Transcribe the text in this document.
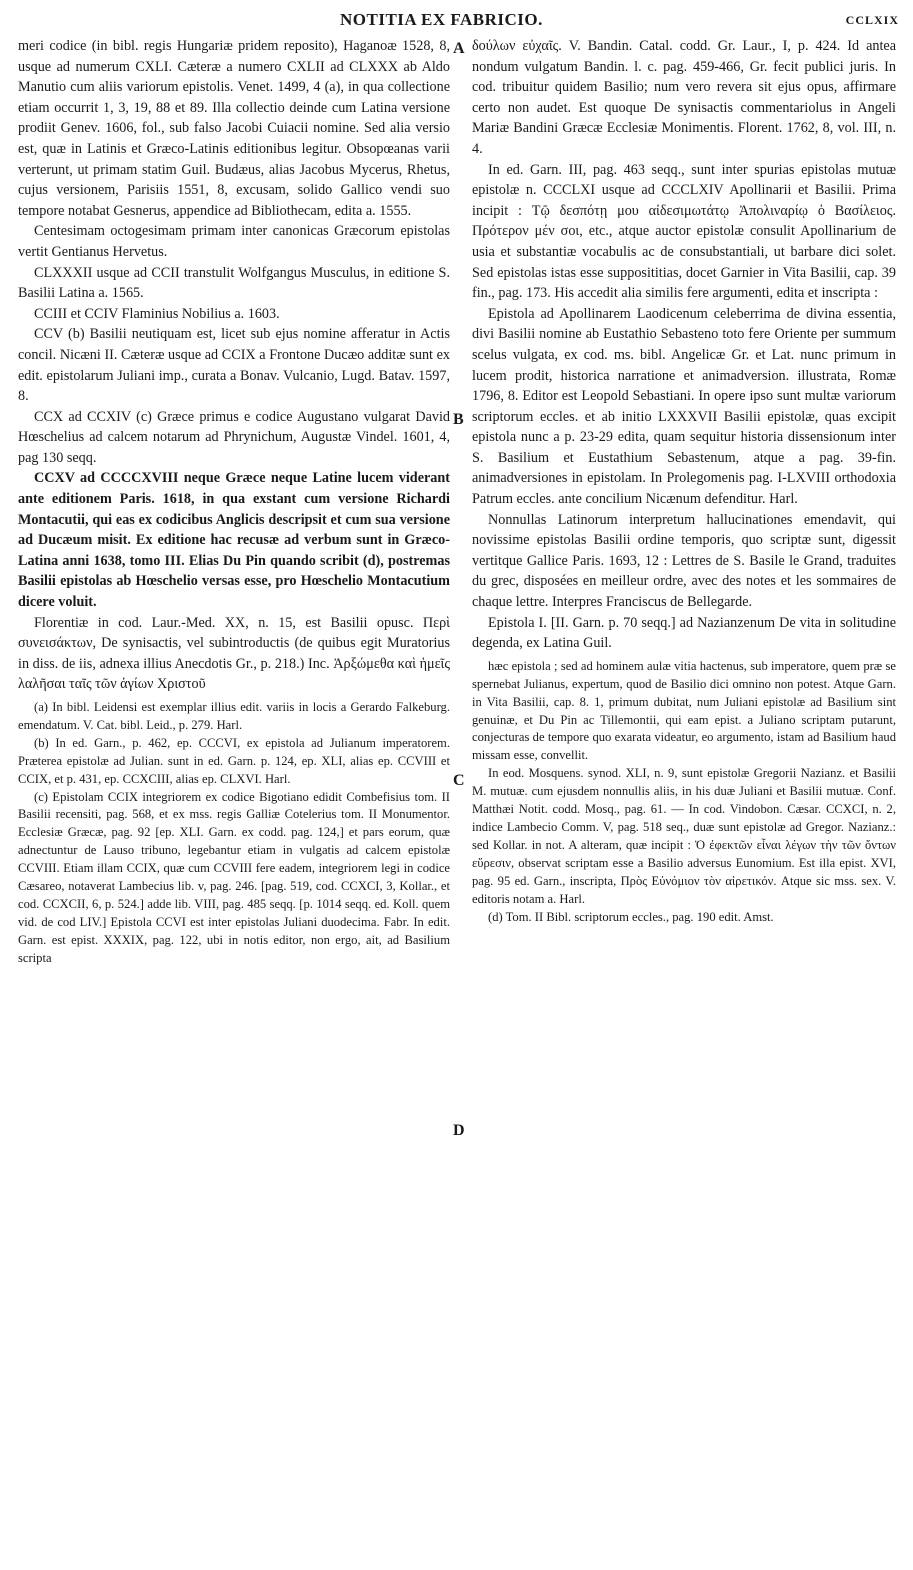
NOTITIA EX FABRICIO.	CCLXIX
A
B
C
D

meri codice (in bibl. regis Hungariæ pridem reposito), Haganoæ 1528, 8, usque ad numerum CXLI. Cæteræ a numero CXLII ad CLXXX ab Aldo Manutio cum aliis variorum epistolis. Venet. 1499, 4 (a), in qua collectione etiam occurrit 1, 3, 19, 88 et 89. Illa collectio deinde cum Latina versione prodiit Genev. 1606, fol., sub falso Jacobi Cuiacii nomine. Sed alia versio est, quæ in Latinis et Græco-Latinis editionibus legitur. Obsopœanas varii verterunt, ut primam statim Guil. Budæus, alias Jacobus Mycerus, Rhetus, cujus versionem, Parisiis 1551, 8, excusam, solido Gallico vendi suo tempore notabat Gesnerus, appendice ad Bibliothecam, edita a. 1555.

Centesimam octogesimam primam inter canonicas Græcorum epistolas vertit Gentianus Hervetus.

CLXXXII usque ad CCII transtulit Wolfgangus Musculus, in editione S. Basilii Latina a. 1565.

CCIII et CCIV Flaminius Nobilius a. 1603.

CCV (b) Basilii neutiquam est, licet sub ejus nomine afferatur in Actis concil. Nicæni II. Cæteræ usque ad CCIX a Frontone Ducæo additæ sunt ex edit. epistolarum Juliani imp., curata a Bonav. Vulcanio, Lugd. Batav. 1597, 8.

CCX ad CCXIV (c) Græce primus e codice Augustano vulgarat David Hœschelius ad calcem notarum ad Phrynichum, Augustæ Vindel. 1601, 4, pag 130 seqq.

CCXV ad CCCCXVIII neque Græce neque Latine lucem viderant ante editionem Paris. 1618, in qua exstant cum versione Richardi Montacutii, qui eas ex codicibus Anglicis descripsit et cum sua versione ad Ducæum misit. Ex editione hac recusæ ad verbum sunt in Græco-Latina anni 1638, tomo III. Elias Du Pin quando scribit (d), postremas Basilii epistolas ab Hœschelio versas esse, pro Hœschelio Montacutium dicere voluit.

Florentiæ in cod. Laur.-Med. XX, n. 15, est Basilii opusc. Περὶ συνεισάκτων, De synisactis, vel subintroductis (de quibus egit Muratorius in diss. de iis, adnexa illius Anecdotis Gr., p. 218.) Inc. Ἀρξώμεθα καὶ ἡμεῖς λαλῆσαι ταῖς τῶν ἁγίων Χριστοῦ

(a) In bibl. Leidensi est exemplar illius edit. variis in locis a Gerardo Falkeburg. emendatum. V. Cat. bibl. Leid., p. 279. Harl.

(b) In ed. Garn., p. 462, ep. CCCVI, ex epistola ad Julianum imperatorem. Præterea epistolæ ad Julian. sunt in ed. Garn. p. 124, ep. XLI, alias ep. CCVIII et CCIX, et p. 431, ep. CCXCIII, alias ep. CLXVI. Harl.

(c) Epistolam CCIX integriorem ex codice Bigotiano edidit Combefisius tom. II Basilii recensiti, pag. 568, et ex mss. regis Galliæ Cotelerius tom. II Monumentor. Ecclesiæ Græcæ, pag. 92 [ep. XLI. Garn. ex codd. pag. 124,] et pars eorum, quæ adnectuntur de Lauso tribuno, legebantur etiam in vulgatis ad calcem epistolæ CCVIII. Etiam illam CCIX, quæ cum CCVIII fere eadem, integriorem legi in codice Cæsareo, notaverat Lambecius lib. v, pag. 246. [pag. 519, cod. CCXCI, 3, Kollar., et cod. CCXCII, 6, p. 524.] adde lib. VIII, pag. 485 seqq. [p. 1014 seqq. ed. Koll. quem vid. de cod LIV.] Epistola CCVI est inter epistolas Juliani duodecima. Fabr. In edit. Garn. est epist. XXXIX, pag. 122, ubi in notis editor, non ergo, ait, ad Basilium scripta

δούλων εὐχαῖς. V. Bandin. Catal. codd. Gr. Laur., I, p. 424. Id antea nondum vulgatum Bandin. l. c. pag. 459-466, Gr. fecit publici juris. In cod. tribuitur quidem Basilio; num vero revera sit ejus opus, affirmare certo non audet. Est quoque De synisactis commentariolus in Angeli Mariæ Bandini Græcæ Ecclesiæ Monimentis. Florent. 1762, 8, vol. III, n. 4.

In ed. Garn. III, pag. 463 seqq., sunt inter spurias epistolas mutuæ epistolæ n. CCCLXI usque ad CCCLXIV Apollinarii et Basilii. Prima incipit : Τῷ δεσπότῃ μου αἰδεσιμωτάτῳ Ἀπολιναρίῳ ὁ Βασίλειος. Πρότερον μέν σοι, etc., atque auctor epistolæ consulit Apollinarium de usia et substantiæ vocabulis ac de consubstantiali, ut barbare dici solet. Sed epistolas istas esse supposititias, docet Garnier in Vita Basilii, cap. 39 fin., pag. 173. His accedit alia similis fere argumenti, edita et inscripta :

Epistola ad Apollinarem Laodicenum celeberrima de divina essentia, divi Basilii nomine ab Eustathio Sebasteno toto fere Oriente per summum scelus vulgata, ex cod. ms. bibl. Angelicæ Gr. et Lat. nunc primum in lucem prodit, historica narratione et animadversion. illustrata, Romæ 1796, 8. Editor est Leopold Sebastiani. In opere ipso sunt multæ variorum scriptorum eccles. et ab initio LXXXVII Basilii epistolæ, quas excipit epistola nunc a p. 23-29 edita, quam sequitur historia dissensionum inter S. Basilium et Eustathium Sebastenum, atque a pag. 39-fin. animadversiones in epistolam. In Prolegomenis pag. I-LXVIII orthodoxia Patrum eccles. ante concilium Nicænum defenditur. Harl.

Nonnullas Latinorum interpretum hallucinationes emendavit, qui novissime epistolas Basilii ordine temporis, quo scriptæ sunt, digessit vertitque Gallice Paris. 1693, 12 : Lettres de S. Basile le Grand, traduites du grec, disposées en meilleur ordre, avec des notes et les sommaires de chaque lettre. Interpres Franciscus de Bellegarde.

Epistola I. [II. Garn. p. 70 seqq.] ad Nazianzenum De vita in solitudine degenda, ex Latina Guil.

hæc epistola ; sed ad hominem aulæ vitia hactenus, sub imperatore, quem præ se spernebat Julianus, expertum, quod de Basilio dici omnino non potest. Atque Garn. in Vita Basilii, cap. 8. 1, primum dubitat, num Juliani epistolæ ad Basilium sint genuinæ, et Du Pin ac Tillemontii, qui eam epist. a Juliano scriptam putarunt, conjecturas de tempore quo exarata videatur, eo argumento, istam ad Basilium haud missam esse, convellit.

In eod. Mosquens. synod. XLI, n. 9, sunt epistolæ Gregorii Nazianz. et Basilii M. mutuæ. cum ejusdem nonnullis aliis, in his duæ Juliani et Basilii mutuæ. Conf. Matthæi Notit. codd. Mosq., pag. 61. — In cod. Vindobon. Cæsar. CCXCI, n. 2, indice Lambecio Comm. V, pag. 518 seq., duæ sunt epistolæ ad Gregor. Nazianz.: sed Kollar. in not. A alteram, quæ incipit : Ὁ ἐφεκτῶν εἶναι λέγων τὴν τῶν ὄντων εὕρεσιν, observat scriptam esse a Basilio adversus Eunomium. Est illa epist. XVI, pag. 95 ed. Garn., inscripta, Πρὸς Εὐνόμιον τὸν αἱρετικόν. Atque sic mss. sex. V. editoris notam a. Harl.

(d) Tom. II Bibl. scriptorum eccles., pag. 190 edit. Amst.
